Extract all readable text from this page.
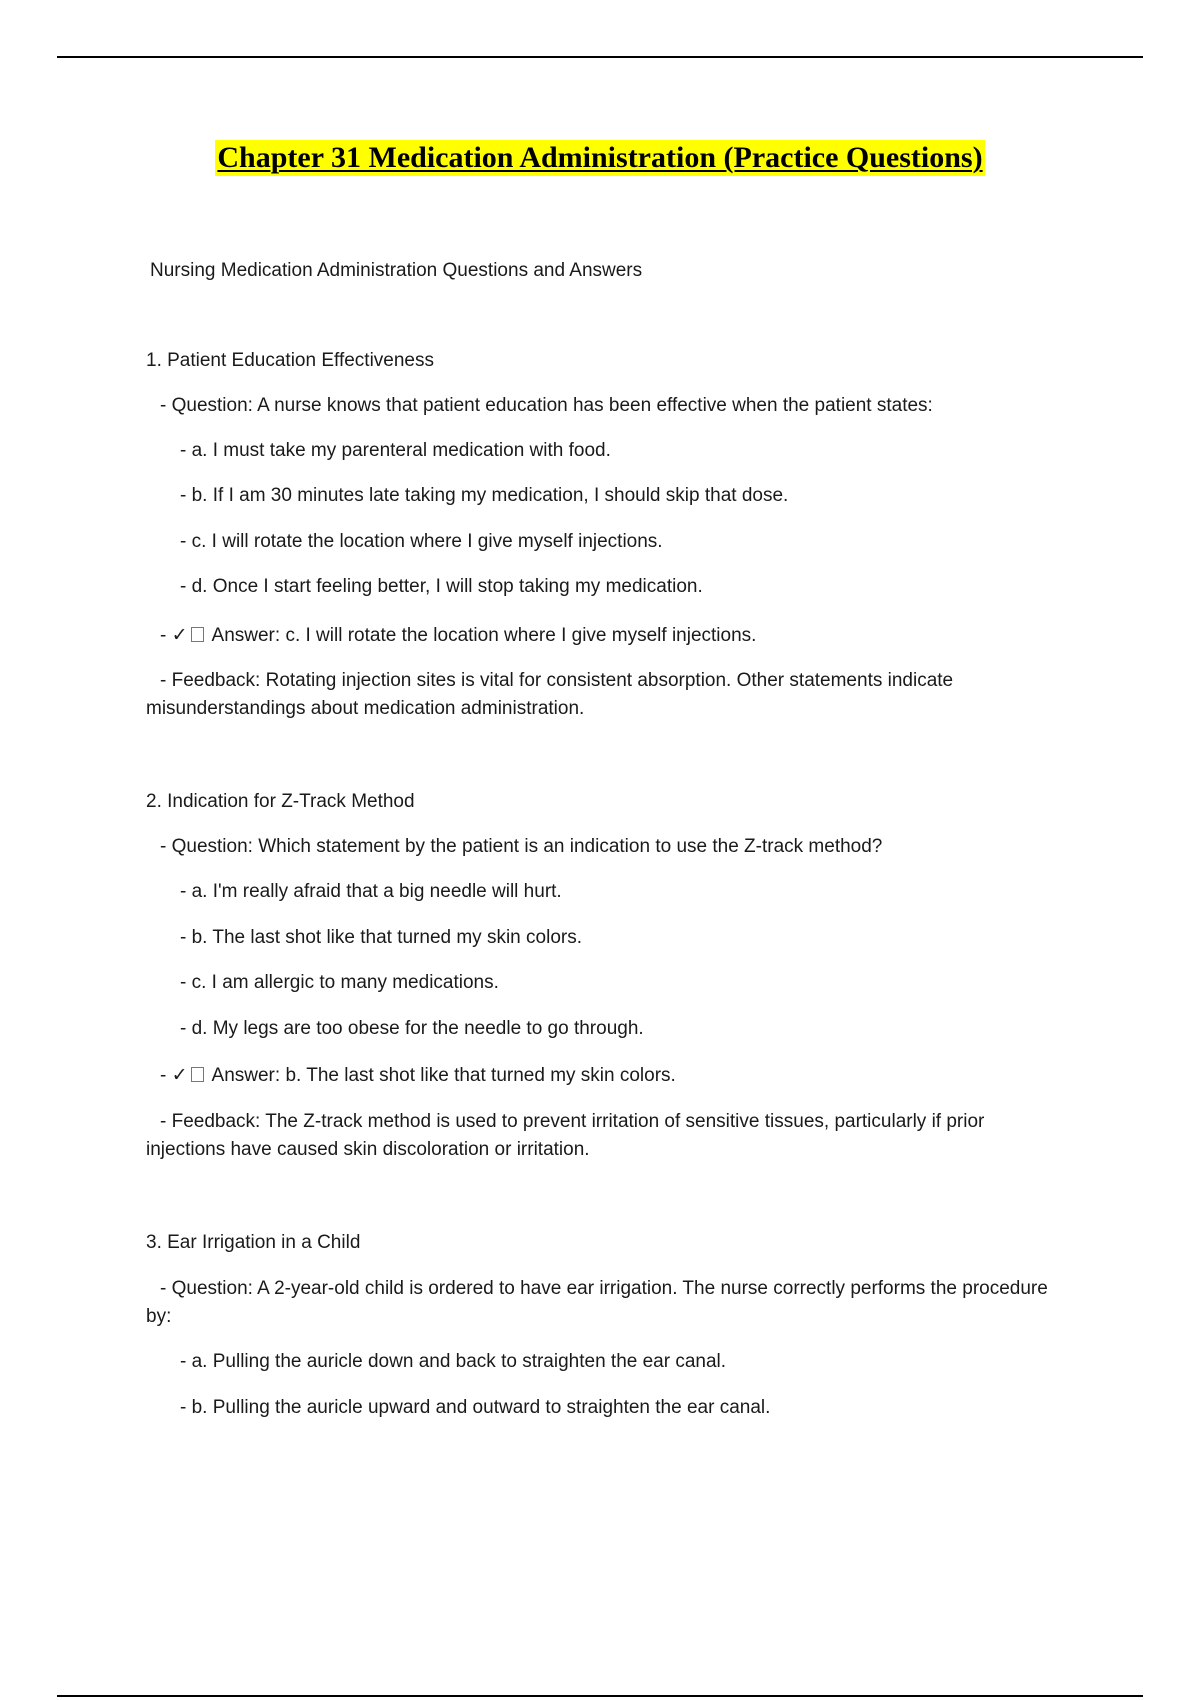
Chapter 31 Medication Administration (Practice Questions)
Nursing Medication Administration Questions and Answers
1. Patient Education Effectiveness
- Question: A nurse knows that patient education has been effective when the patient states:
- a. I must take my parenteral medication with food.
- b. If I am 30 minutes late taking my medication, I should skip that dose.
- c. I will rotate the location where I give myself injections.
- d. Once I start feeling better, I will stop taking my medication.
- ✓ Answer: c. I will rotate the location where I give myself injections.
- Feedback: Rotating injection sites is vital for consistent absorption. Other statements indicate misunderstandings about medication administration.
2. Indication for Z-Track Method
- Question: Which statement by the patient is an indication to use the Z-track method?
- a. I'm really afraid that a big needle will hurt.
- b. The last shot like that turned my skin colors.
- c. I am allergic to many medications.
- d. My legs are too obese for the needle to go through.
- ✓ Answer: b. The last shot like that turned my skin colors.
- Feedback: The Z-track method is used to prevent irritation of sensitive tissues, particularly if prior injections have caused skin discoloration or irritation.
3. Ear Irrigation in a Child
- Question: A 2-year-old child is ordered to have ear irrigation. The nurse correctly performs the procedure by:
- a. Pulling the auricle down and back to straighten the ear canal.
- b. Pulling the auricle upward and outward to straighten the ear canal.
